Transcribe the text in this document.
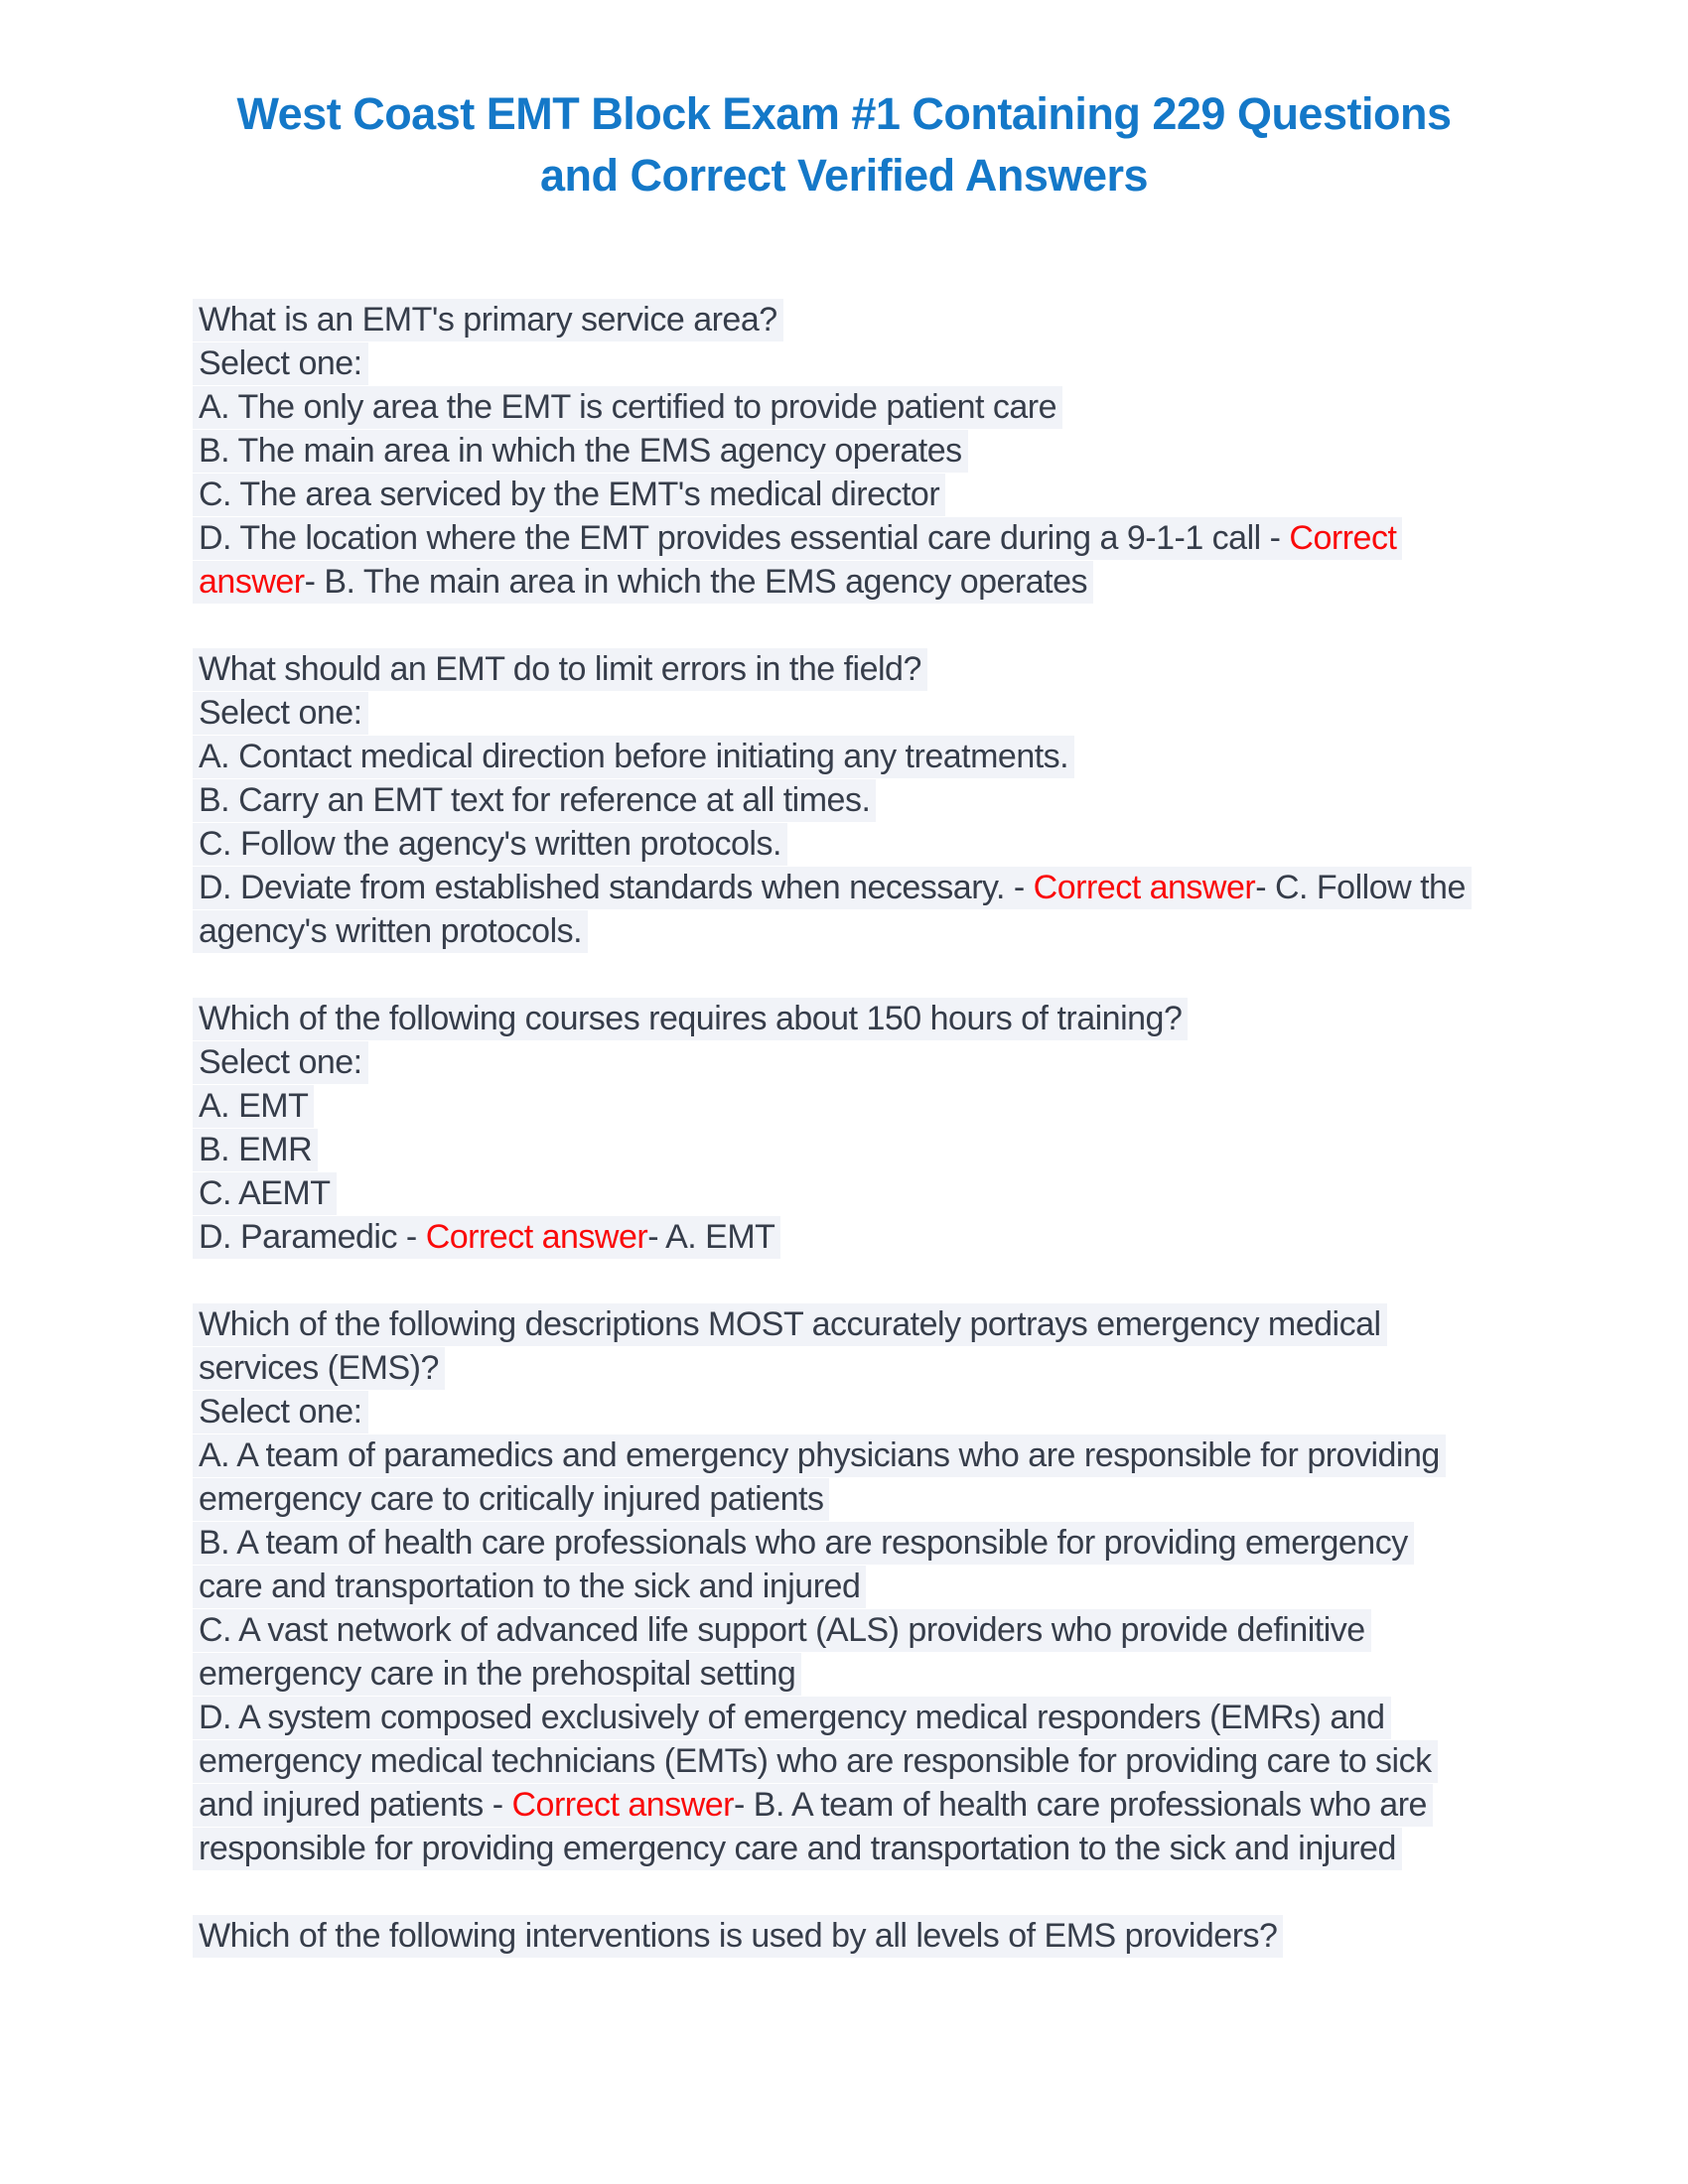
West Coast EMT Block Exam #1 Containing 229 Questions
and Correct Verified Answers
What is an EMT's primary service area?
Select one:
A. The only area the EMT is certified to provide patient care
B. The main area in which the EMS agency operates
C. The area serviced by the EMT's medical director
D. The location where the EMT provides essential care during a 9-1-1 call - Correct
answer- B. The main area in which the EMS agency operates
What should an EMT do to limit errors in the field?
Select one:
A. Contact medical direction before initiating any treatments.
B. Carry an EMT text for reference at all times.
C. Follow the agency's written protocols.
D. Deviate from established standards when necessary. - Correct answer- C. Follow the
agency's written protocols.
Which of the following courses requires about 150 hours of training?
Select one:
A. EMT
B. EMR
C. AEMT
D. Paramedic - Correct answer- A. EMT
Which of the following descriptions MOST accurately portrays emergency medical
services (EMS)?
Select one:
A. A team of paramedics and emergency physicians who are responsible for providing
emergency care to critically injured patients
B. A team of health care professionals who are responsible for providing emergency
care and transportation to the sick and injured
C. A vast network of advanced life support (ALS) providers who provide definitive
emergency care in the prehospital setting
D. A system composed exclusively of emergency medical responders (EMRs) and
emergency medical technicians (EMTs) who are responsible for providing care to sick
and injured patients - Correct answer- B. A team of health care professionals who are
responsible for providing emergency care and transportation to the sick and injured
Which of the following interventions is used by all levels of EMS providers?
